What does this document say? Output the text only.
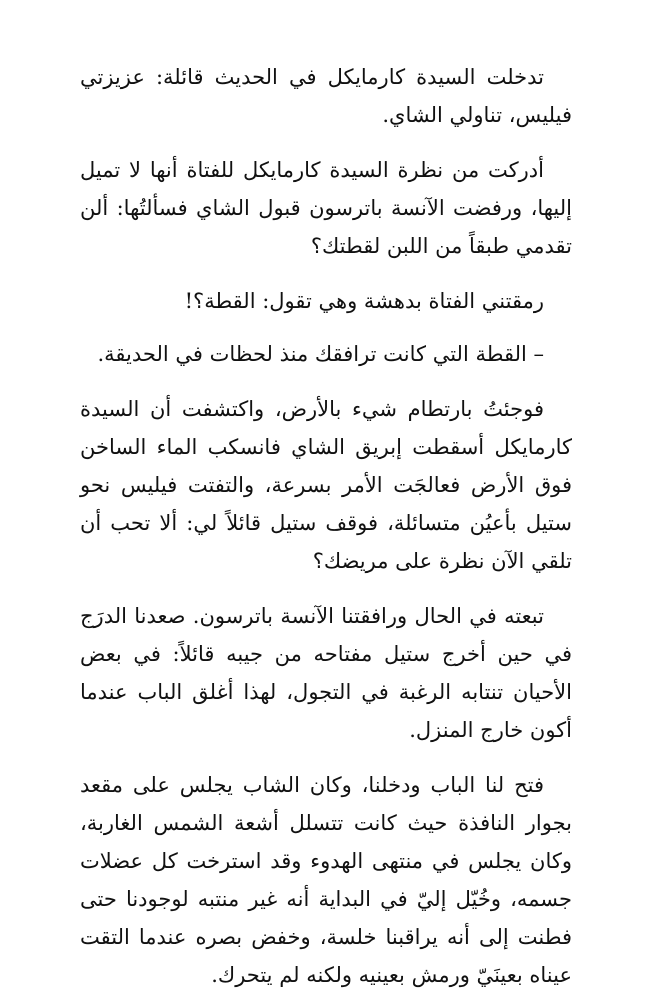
تدخلت السيدة كارمايكل في الحديث قائلة: عزيزتي فيليس، تناولي الشاي.

أدركت من نظرة السيدة كارمايكل للفتاة أنها لا تميل إليها، ورفضت الآنسة باترسون قبول الشاي فسألتُها: ألن تقدمي طبقاً من اللبن لقطتك؟

رمقتني الفتاة بدهشة وهي تقول: القطة؟!

– القطة التي كانت ترافقك منذ لحظات في الحديقة.

فوجئتُ بارتطام شيء بالأرض، واكتشفت أن السيدة كارمايكل أسقطت إبريق الشاي فانسكب الماء الساخن فوق الأرض فعالجَت الأمر بسرعة، والتفتت فيليس نحو ستيل بأعيُن متسائلة، فوقف ستيل قائلاً لي: ألا تحب أن تلقي الآن نظرة على مريضك؟

تبعته في الحال ورافقتنا الآنسة باترسون. صعدنا الدرَج في حين أخرج ستيل مفتاحه من جيبه قائلاً: في بعض الأحيان تنتابه الرغبة في التجول، لهذا أغلق الباب عندما أكون خارج المنزل.

فتح لنا الباب ودخلنا، وكان الشاب يجلس على مقعد بجوار النافذة حيث كانت تتسلل أشعة الشمس الغاربة، وكان يجلس في منتهى الهدوء وقد استرخت كل عضلات جسمه، وخُيّل إليّ في البداية أنه غير منتبه لوجودنا حتى فطنت إلى أنه يراقبنا خلسة، وخفض بصره عندما التقت عيناه بعينَيّ ورمش بعينيه ولكنه لم يتحرك.
